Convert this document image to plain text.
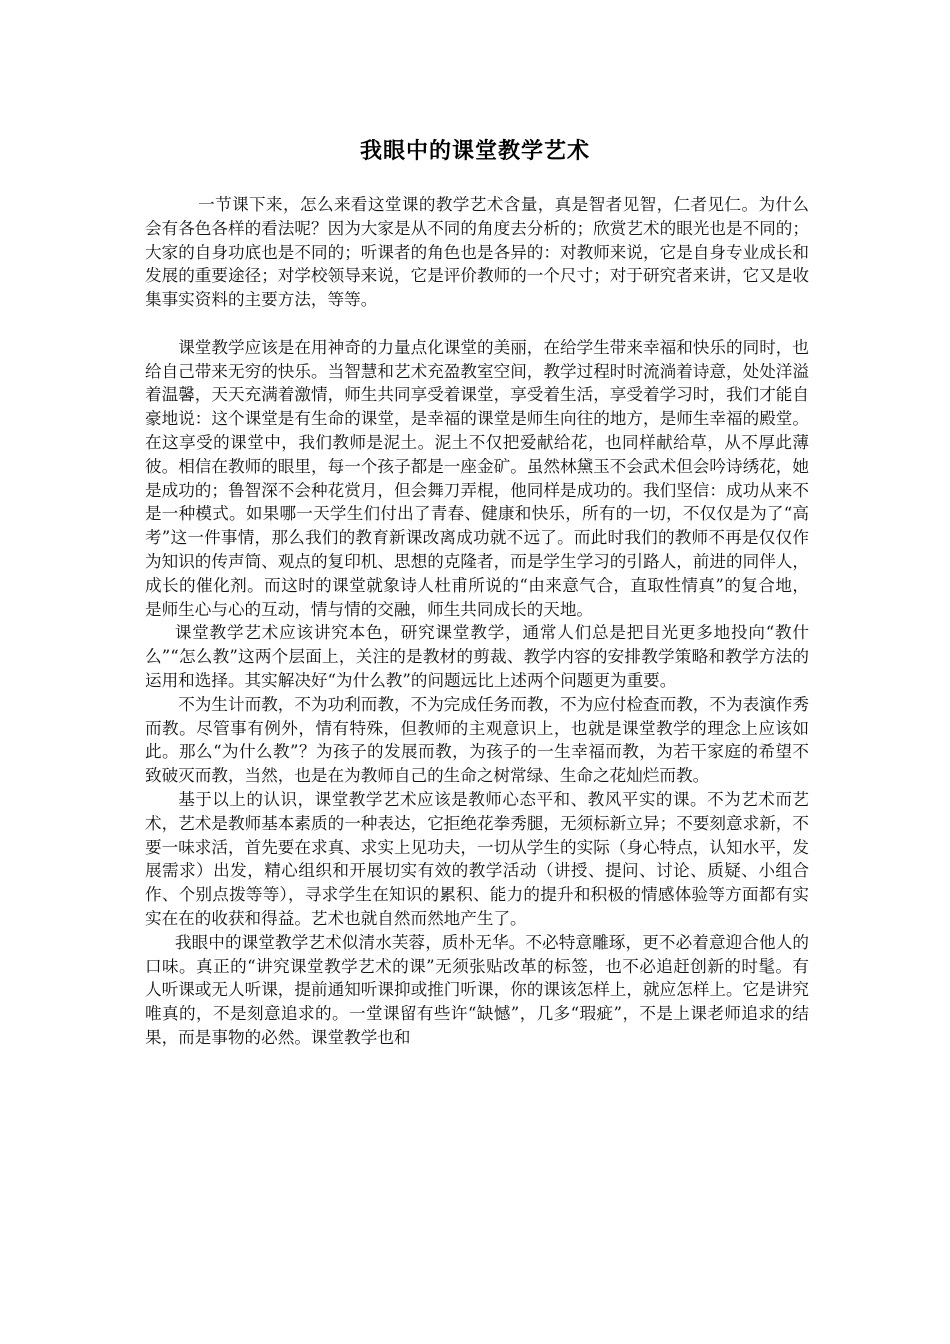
我眼中的课堂教学艺术

一节课下来，怎么来看这堂课的教学艺术含量，真是智者见智，仁者见仁。为什么会有各色各样的看法呢？因为大家是从不同的角度去分析的；欣赏艺术的眼光也是不同的；大家的自身功底也是不同的；听课者的角色也是各异的：对教师来说，它是自身专业成长和发展的重要途径；对学校领导来说，它是评价教师的一个尺寸；对于研究者来讲，它又是收集事实资料的主要方法，等等。

课堂教学应该是在用神奇的力量点化课堂的美丽，在给学生带来幸福和快乐的同时，也给自己带来无穷的快乐。当智慧和艺术充盈教室空间，教学过程时时流淌着诗意，处处洋溢着温馨，天天充满着激情，师生共同享受着课堂，享受着生活，享受着学习时，我们才能自豪地说：这个课堂是有生命的课堂，是幸福的课堂是师生向往的地方，是师生幸福的殿堂。在这享受的课堂中，我们教师是泥土。泥土不仅把爱献给花，也同样献给草，从不厚此薄彼。相信在教师的眼里，每一个孩子都是一座金矿。虽然林黛玉不会武术但会吟诗绣花，她是成功的；鲁智深不会种花赏月，但会舞刀弄棍，他同样是成功的。我们坚信：成功从来不是一种模式。如果哪一天学生们付出了青春、健康和快乐，所有的一切，不仅仅是为了“高考”这一件事情，那么我们的教育新课改离成功就不远了。而此时我们的教师不再是仅仅作为知识的传声筒、观点的复印机、思想的克隆者，而是学生学习的引路人，前进的同伴人，成长的催化剂。而这时的课堂就象诗人杜甫所说的“由来意气合，直取性情真”的复合地，是师生心与心的互动，情与情的交融，师生共同成长的天地。

课堂教学艺术应该讲究本色，研究课堂教学，通常人们总是把目光更多地投向“教什么”“怎么教”这两个层面上，关注的是教材的剪裁、教学内容的安排教学策略和教学方法的运用和选择。其实解决好“为什么教”的问题远比上述两个问题更为重要。

不为生计而教，不为功利而教，不为完成任务而教，不为应付检查而教，不为表演作秀而教。尽管事有例外，情有特殊，但教师的主观意识上，也就是课堂教学的理念上应该如此。那么“为什么教”？为孩子的发展而教，为孩子的一生幸福而教，为若干家庭的希望不致破灭而教，当然，也是在为教师自己的生命之树常绿、生命之花灿烂而教。

基于以上的认识，课堂教学艺术应该是教师心态平和、教风平实的课。不为艺术而艺术，艺术是教师基本素质的一种表达，它拒绝花拳秀腿，无须标新立异；不要刻意求新，不要一味求活，首先要在求真、求实上见功夫，一切从学生的实际（身心特点，认知水平，发展需求）出发，精心组织和开展切实有效的教学活动（讲授、提问、讨论、质疑、小组合作、个别点拨等等），寻求学生在知识的累积、能力的提升和积极的情感体验等方面都有实实在在的收获和得益。艺术也就自然而然地产生了。

我眼中的课堂教学艺术似清水芙蓉，质朴无华。不必特意雕琢，更不必着意迎合他人的口味。真正的“讲究课堂教学艺术的课”无须张贴改革的标签，也不必追赶创新的时髦。有人听课或无人听课，提前通知听课抑或推门听课，你的课该怎样上，就应怎样上。它是讲究唯真的，不是刻意追求的。一堂课留有些许“缺憾”，几多“瑕疵”，不是上课老师追求的结果，而是事物的必然。课堂教学也和
